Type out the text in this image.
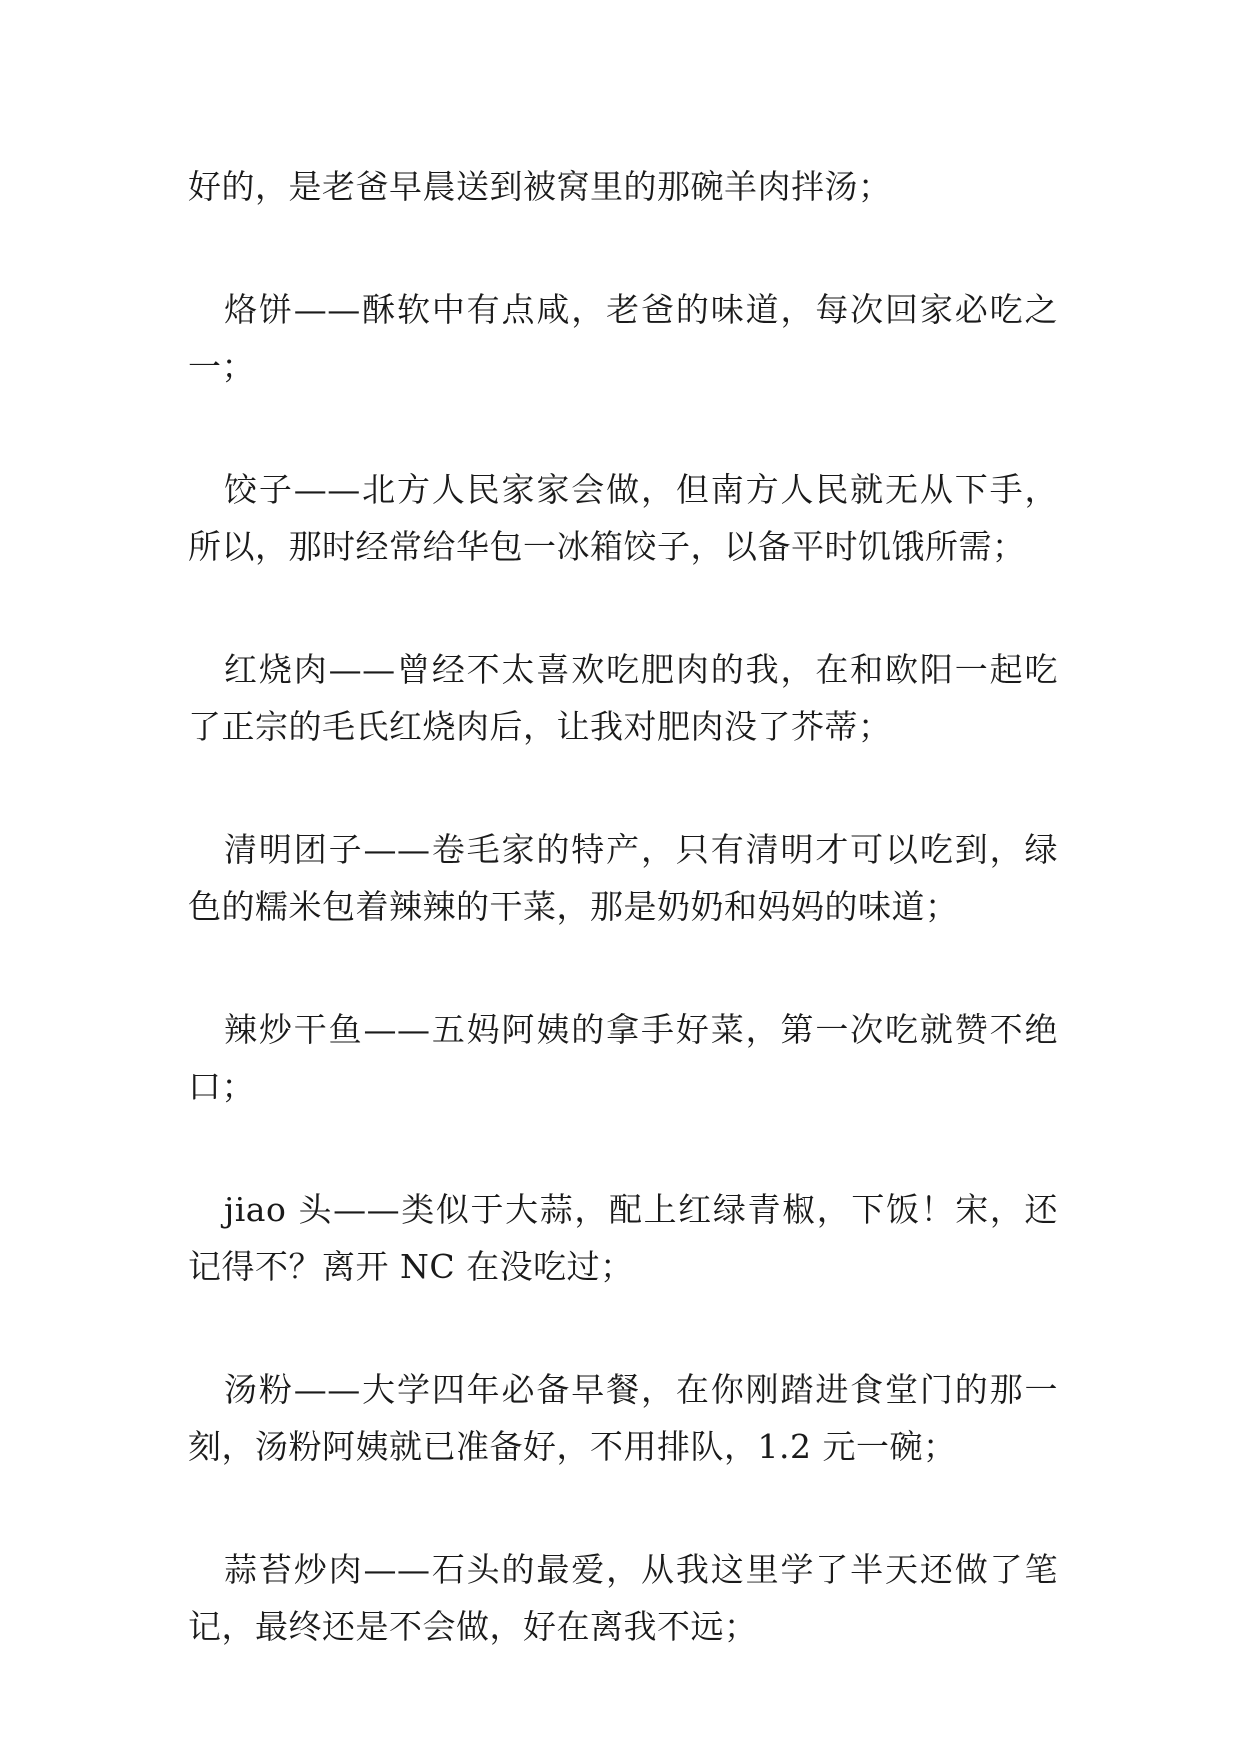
好的，是老爸早晨送到被窝里的那碗羊肉拌汤；

烙饼——酥软中有点咸，老爸的味道，每次回家必吃之一；

饺子——北方人民家家会做，但南方人民就无从下手，所以，那时经常给华包一冰箱饺子，以备平时饥饿所需；

红烧肉——曾经不太喜欢吃肥肉的我，在和欧阳一起吃了正宗的毛氏红烧肉后，让我对肥肉没了芥蒂；

清明团子——卷毛家的特产，只有清明才可以吃到，绿色的糯米包着辣辣的干菜，那是奶奶和妈妈的味道；

辣炒干鱼——五妈阿姨的拿手好菜，第一次吃就赞不绝口；

jiao 头——类似于大蒜，配上红绿青椒，下饭！宋，还记得不？离开 NC 在没吃过；

汤粉——大学四年必备早餐，在你刚踏进食堂门的那一刻，汤粉阿姨就已准备好，不用排队，1.2 元一碗；

蒜苔炒肉——石头的最爱，从我这里学了半天还做了笔记，最终还是不会做，好在离我不远；
